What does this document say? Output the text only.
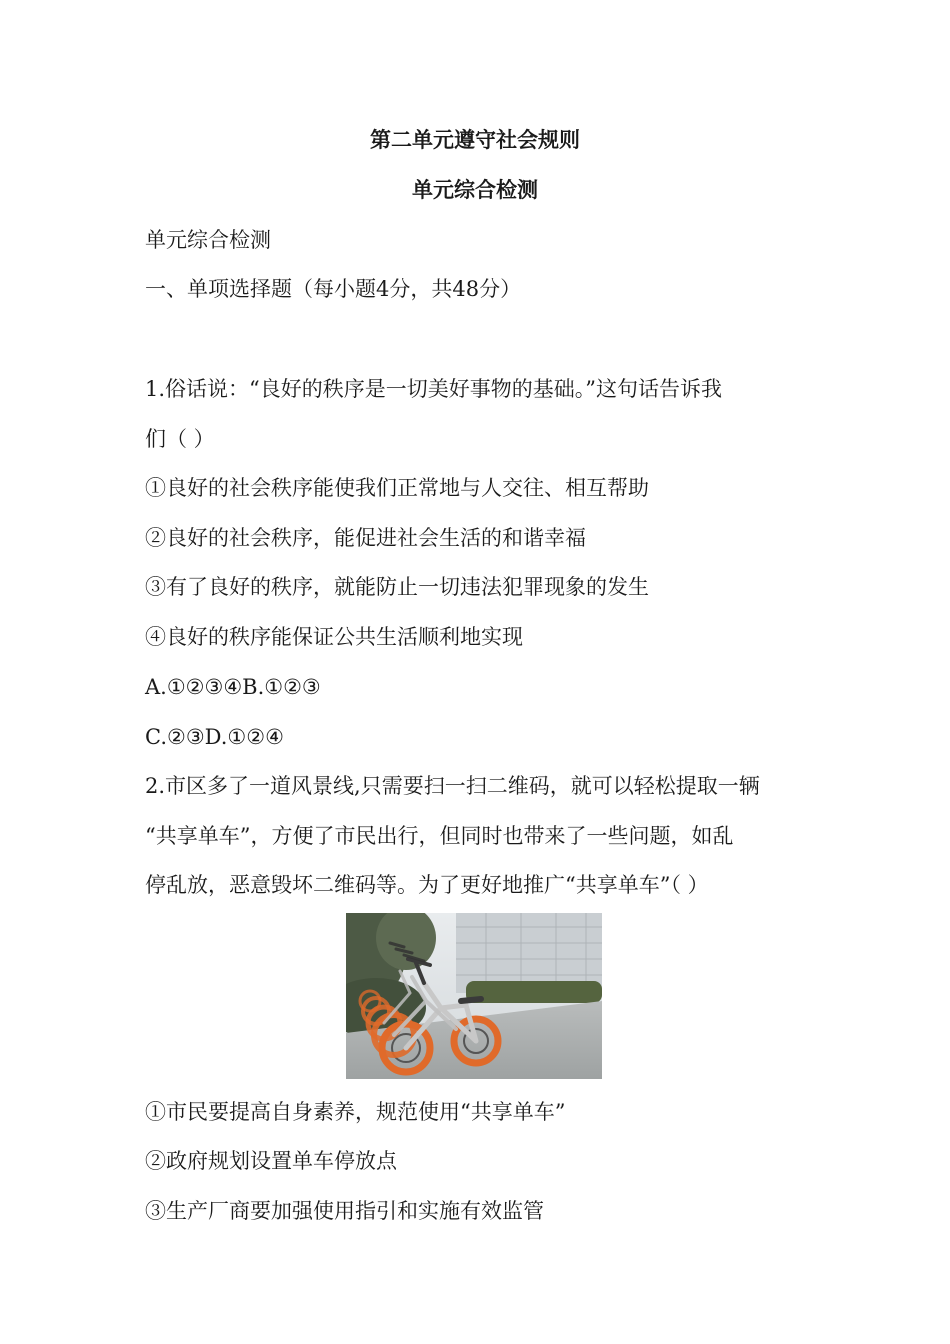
第二单元遵守社会规则
单元综合检测

单元综合检测

一、单项选择题（每小题4分，共48分）

1.俗话说：“良好的秩序是一切美好事物的基础。”这句话告诉我

们（ ）

①良好的社会秩序能使我们正常地与人交往、相互帮助

②良好的社会秩序，能促进社会生活的和谐幸福

③有了良好的秩序，就能防止一切违法犯罪现象的发生

④良好的秩序能保证公共生活顺利地实现

A.①②③④B.①②③

C.②③D.①②④

2.市区多了一道风景线,只需要扫一扫二维码，就可以轻松提取一辆

“共享单车”，方便了市民出行，但同时也带来了一些问题，如乱

停乱放，恶意毁坏二维码等。为了更好地推广“共享单车”（ ）

①市民要提高自身素养，规范使用“共享单车”

②政府规划设置单车停放点

③生产厂商要加强使用指引和实施有效监管
